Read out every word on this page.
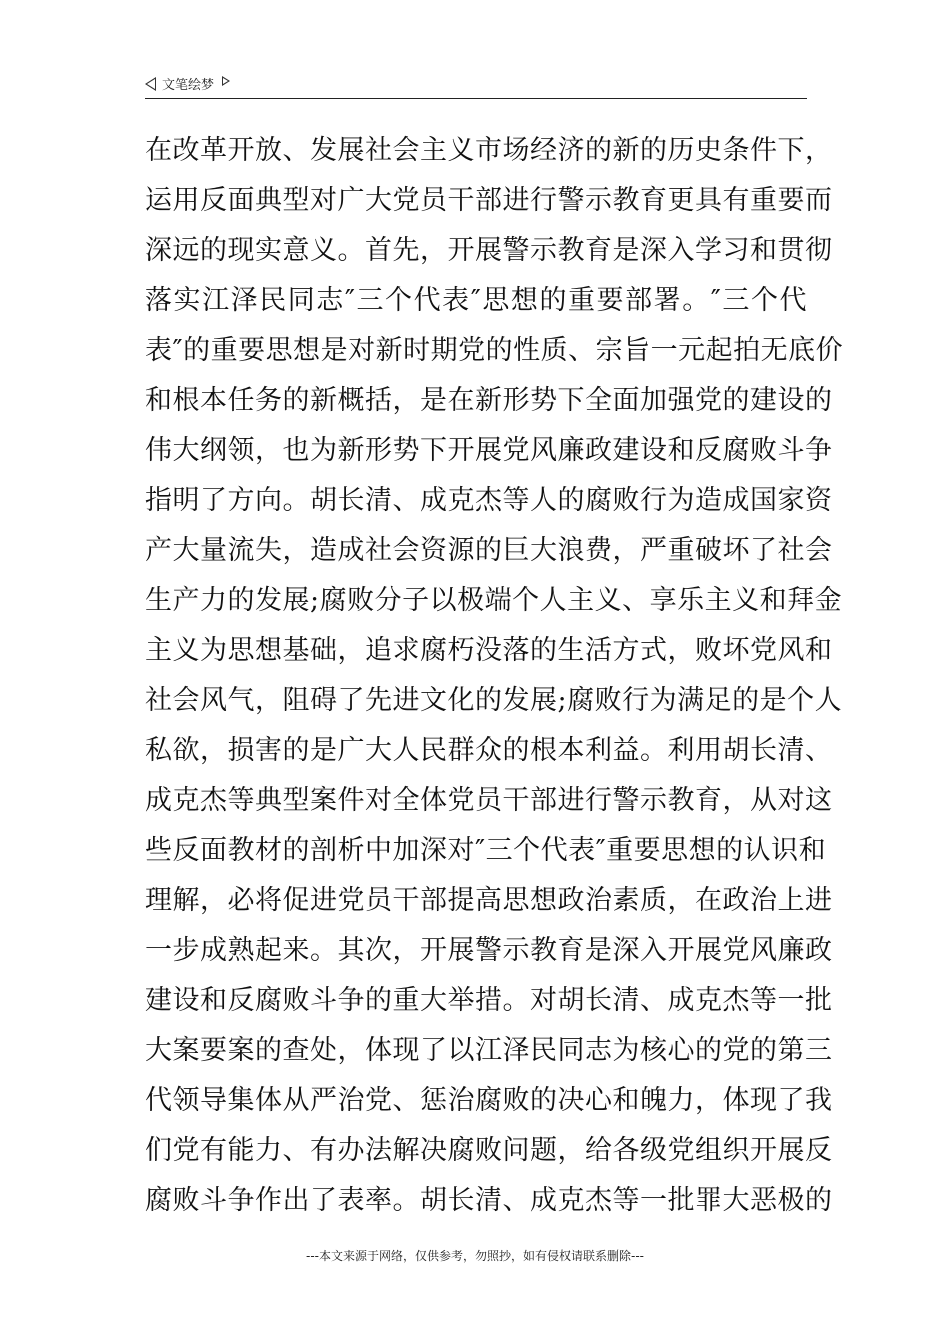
文笔绘梦
在改革开放、发展社会主义市场经济的新的历史条件下，
运用反面典型对广大党员干部进行警示教育更具有重要而
深远的现实意义。首先，开展警示教育是深入学习和贯彻
落实江泽民同志″三个代表″思想的重要部署。″三个代
表″的重要思想是对新时期党的性质、宗旨一元起拍无底价
和根本任务的新概括，是在新形势下全面加强党的建设的
伟大纲领，也为新形势下开展党风廉政建设和反腐败斗争
指明了方向。胡长清、成克杰等人的腐败行为造成国家资
产大量流失，造成社会资源的巨大浪费，严重破坏了社会
生产力的发展;腐败分子以极端个人主义、享乐主义和拜金
主义为思想基础，追求腐朽没落的生活方式，败坏党风和
社会风气，阻碍了先进文化的发展;腐败行为满足的是个人
私欲，损害的是广大人民群众的根本利益。利用胡长清、
成克杰等典型案件对全体党员干部进行警示教育，从对这
些反面教材的剖析中加深对″三个代表″重要思想的认识和
理解，必将促进党员干部提高思想政治素质，在政治上进
一步成熟起来。其次，开展警示教育是深入开展党风廉政
建设和反腐败斗争的重大举措。对胡长清、成克杰等一批
大案要案的查处，体现了以江泽民同志为核心的党的第三
代领导集体从严治党、惩治腐败的决心和魄力，体现了我
们党有能力、有办法解决腐败问题，给各级党组织开展反
腐败斗争作出了表率。胡长清、成克杰等一批罪大恶极的
---本文来源于网络，仅供参考，勿照抄，如有侵权请联系删除---
